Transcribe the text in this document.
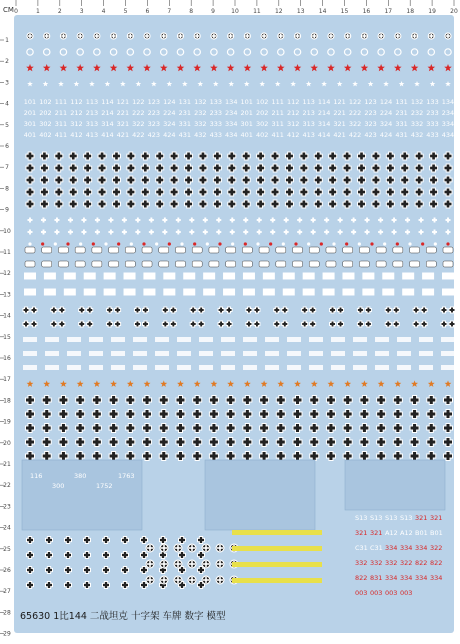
CM 0	1	2	3	4	5	6	7	8	9	10 11 12 13 14 15 16 17 18 19 20
1
2
3
4
5
6
7
8
9
10
11
12
13
14
15
16
17
18
19
20
21
22
23
24
25
26
27
28
29
101 102 111 112 113 114 121 122 123 124 131 132 133 134 101 102 111 112 113 114 121 122 123 124 131 132 133 134
201 202 211 212 213 214 221 222 223 224 231 232 233 234 201 202 211 212 213 214 221 222 223 224 231 232 233 234
301 302 311 312 313 314 321 322 323 324 331 332 333 334 301 302 311 312 313 314 321 322 323 324 331 332 333 334
401 402 411 412 413 414 421 422 423 424 431 432 433 434 401 402 411 412 413 414 421 422 423 424 431 432 433 434
116
300
380
1752
1763
S13 S13 S13 S13 321 321
321 321 A12 A12 B01 B01
C31 C31 334 334 334 322
332 332 332 322 822 822
822 831 334 334 334 334
003 003 003 003
65630 1比144 二战坦克 十字架 车牌 数字 模型
